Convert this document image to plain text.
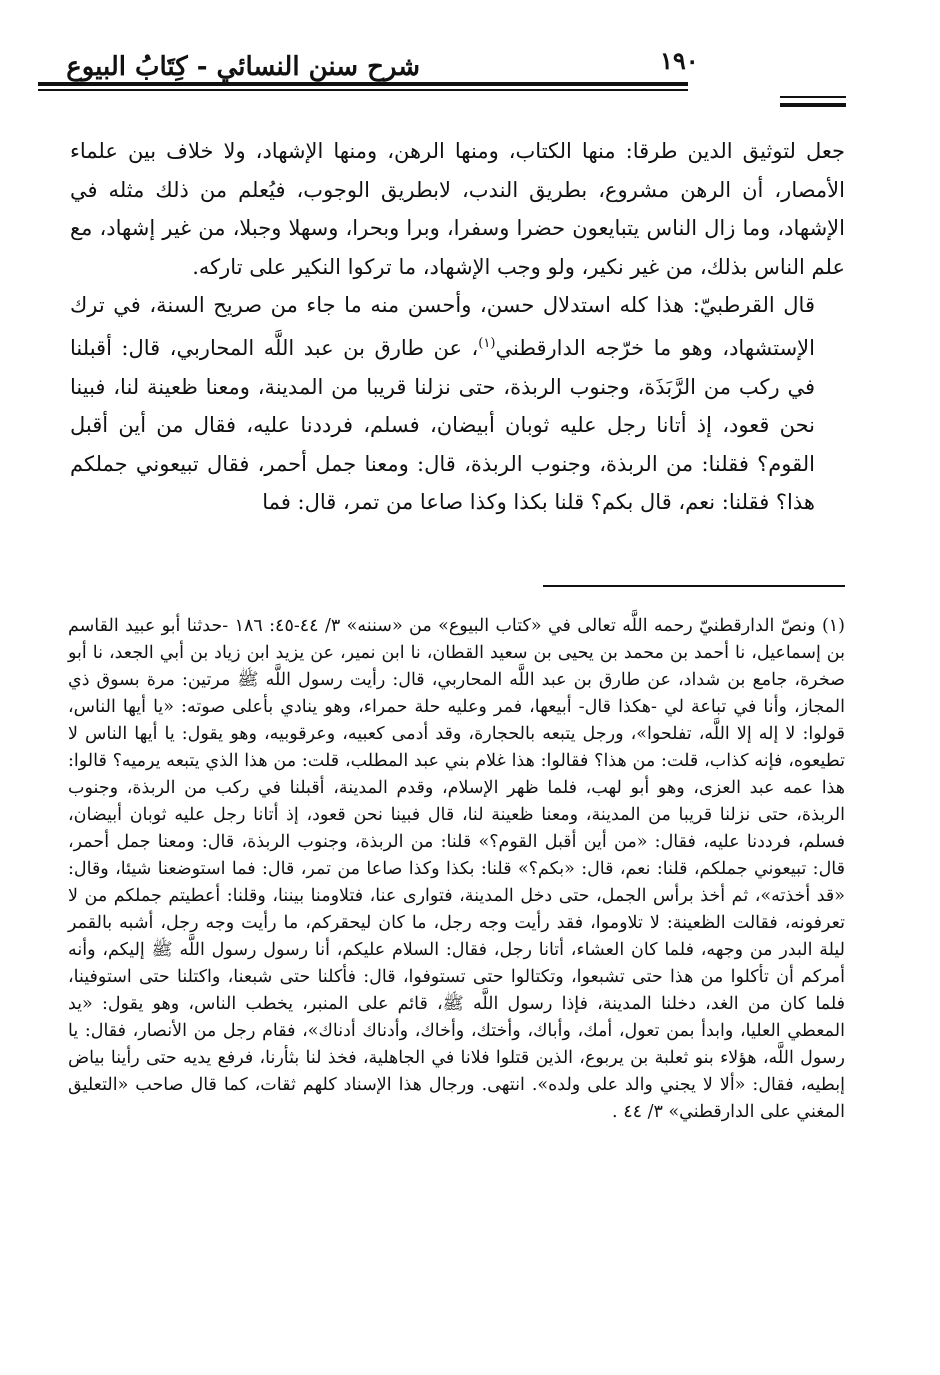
شرح سنن النسائي - كِتَابُ البيوع	١٩٠

جعل لتوثيق الدين طرقا: منها الكتاب، ومنها الرهن، ومنها الإشهاد، ولا خلاف بين علماء الأمصار، أن الرهن مشروع، بطريق الندب، لابطريق الوجوب، فيُعلم من ذلك مثله في الإشهاد، وما زال الناس يتبايعون حضرا وسفرا، وبرا وبحرا، وسهلا وجبلا، من غير إشهاد، مع علم الناس بذلك، من غير نكير، ولو وجب الإشهاد، ما تركوا النكير على تاركه.

قال القرطبيّ: هذا كله استدلال حسن، وأحسن منه ما جاء من صريح السنة، في ترك الإستشهاد، وهو ما خرّجه الدارقطني$^{(١)}$، عن طارق بن عبد اللَّه المحاربي، قال: أقبلنا في ركب من الرَّبَذَة، وجنوب الربذة، حتى نزلنا قريبا من المدينة، ومعنا ظعينة لنا، فبينا نحن قعود، إذ أتانا رجل عليه ثوبان أبيضان، فسلم، فرددنا عليه، فقال من أين أقبل القوم؟ فقلنا: من الربذة، وجنوب الربذة، قال: ومعنا جمل أحمر، فقال تبيعوني جملكم هذا؟ فقلنا: نعم، قال بكم؟ قلنا بكذا وكذا صاعا من تمر، قال: فما

(١) ونصّ الدارقطنيّ رحمه اللَّه تعالى في «كتاب البيوع» من «سننه» ٣/ ٤٤-٤٥: ١٨٦ -حدثنا أبو عبيد القاسم بن إسماعيل، نا أحمد بن محمد بن يحيى بن سعيد القطان، نا ابن نمير، عن يزيد ابن زياد بن أبي الجعد، نا أبو صخرة، جامع بن شداد، عن طارق بن عبد اللَّه المحاربي، قال: رأيت رسول اللَّه ﷺ مرتين: مرة بسوق ذي المجاز، وأنا في تباعة لي -هكذا قال- أبيعها، فمر وعليه حلة حمراء، وهو ينادي بأعلى صوته: «يا أيها الناس، قولوا: لا إله إلا اللَّه، تفلحوا»، ورجل يتبعه بالحجارة، وقد أدمى كعبيه، وعرقوبيه، وهو يقول: يا أيها الناس لا تطيعوه، فإنه كذاب، قلت: من هذا؟ فقالوا: هذا غلام بني عبد المطلب، قلت: من هذا الذي يتبعه يرميه؟ قالوا: هذا عمه عبد العزى، وهو أبو لهب، فلما ظهر الإسلام، وقدم المدينة، أقبلنا في ركب من الربذة، وجنوب الربذة، حتى نزلنا قريبا من المدينة، ومعنا ظعينة لنا، قال فبينا نحن قعود، إذ أتانا رجل عليه ثوبان أبيضان، فسلم، فرددنا عليه، فقال: «من أين أقبل القوم؟» قلنا: من الربذة، وجنوب الربذة، قال: ومعنا جمل أحمر، قال: تبيعوني جملكم، قلنا: نعم، قال: «بكم؟» قلنا: بكذا وكذا صاعا من تمر، قال: فما استوضعنا شيئا، وقال: «قد أخذته»، ثم أخذ برأس الجمل، حتى دخل المدينة، فتوارى عنا، فتلاومنا بيننا، وقلنا: أعطيتم جملكم من لا تعرفونه، فقالت الظعينة: لا تلاوموا، فقد رأيت وجه رجل، ما كان ليحقركم، ما رأيت وجه رجل، أشبه بالقمر ليلة البدر من وجهه، فلما كان العشاء، أتانا رجل، فقال: السلام عليكم، أنا رسول رسول اللَّه ﷺ إليكم، وأنه أمركم أن تأكلوا من هذا حتى تشبعوا، وتكتالوا حتى تستوفوا، قال: فأكلنا حتى شبعنا، واكتلنا حتى استوفينا، فلما كان من الغد، دخلنا المدينة، فإذا رسول اللَّه ﷺ، قائم على المنبر، يخطب الناس، وهو يقول: «يد المعطي العليا، وابدأ بمن تعول، أمك، وأباك، وأختك، وأخاك، وأدناك أدناك»، فقام رجل من الأنصار، فقال: يا رسول اللَّه، هؤلاء بنو ثعلبة بن يربوع، الذين قتلوا فلانا في الجاهلية، فخذ لنا بثأرنا، فرفع يديه حتى رأينا بياض إبطيه، فقال: «ألا لا يجني والد على ولده». انتهى. ورجال هذا الإسناد كلهم ثقات، كما قال صاحب «التعليق المغني على الدارقطني» ٣/ ٤٤ .
